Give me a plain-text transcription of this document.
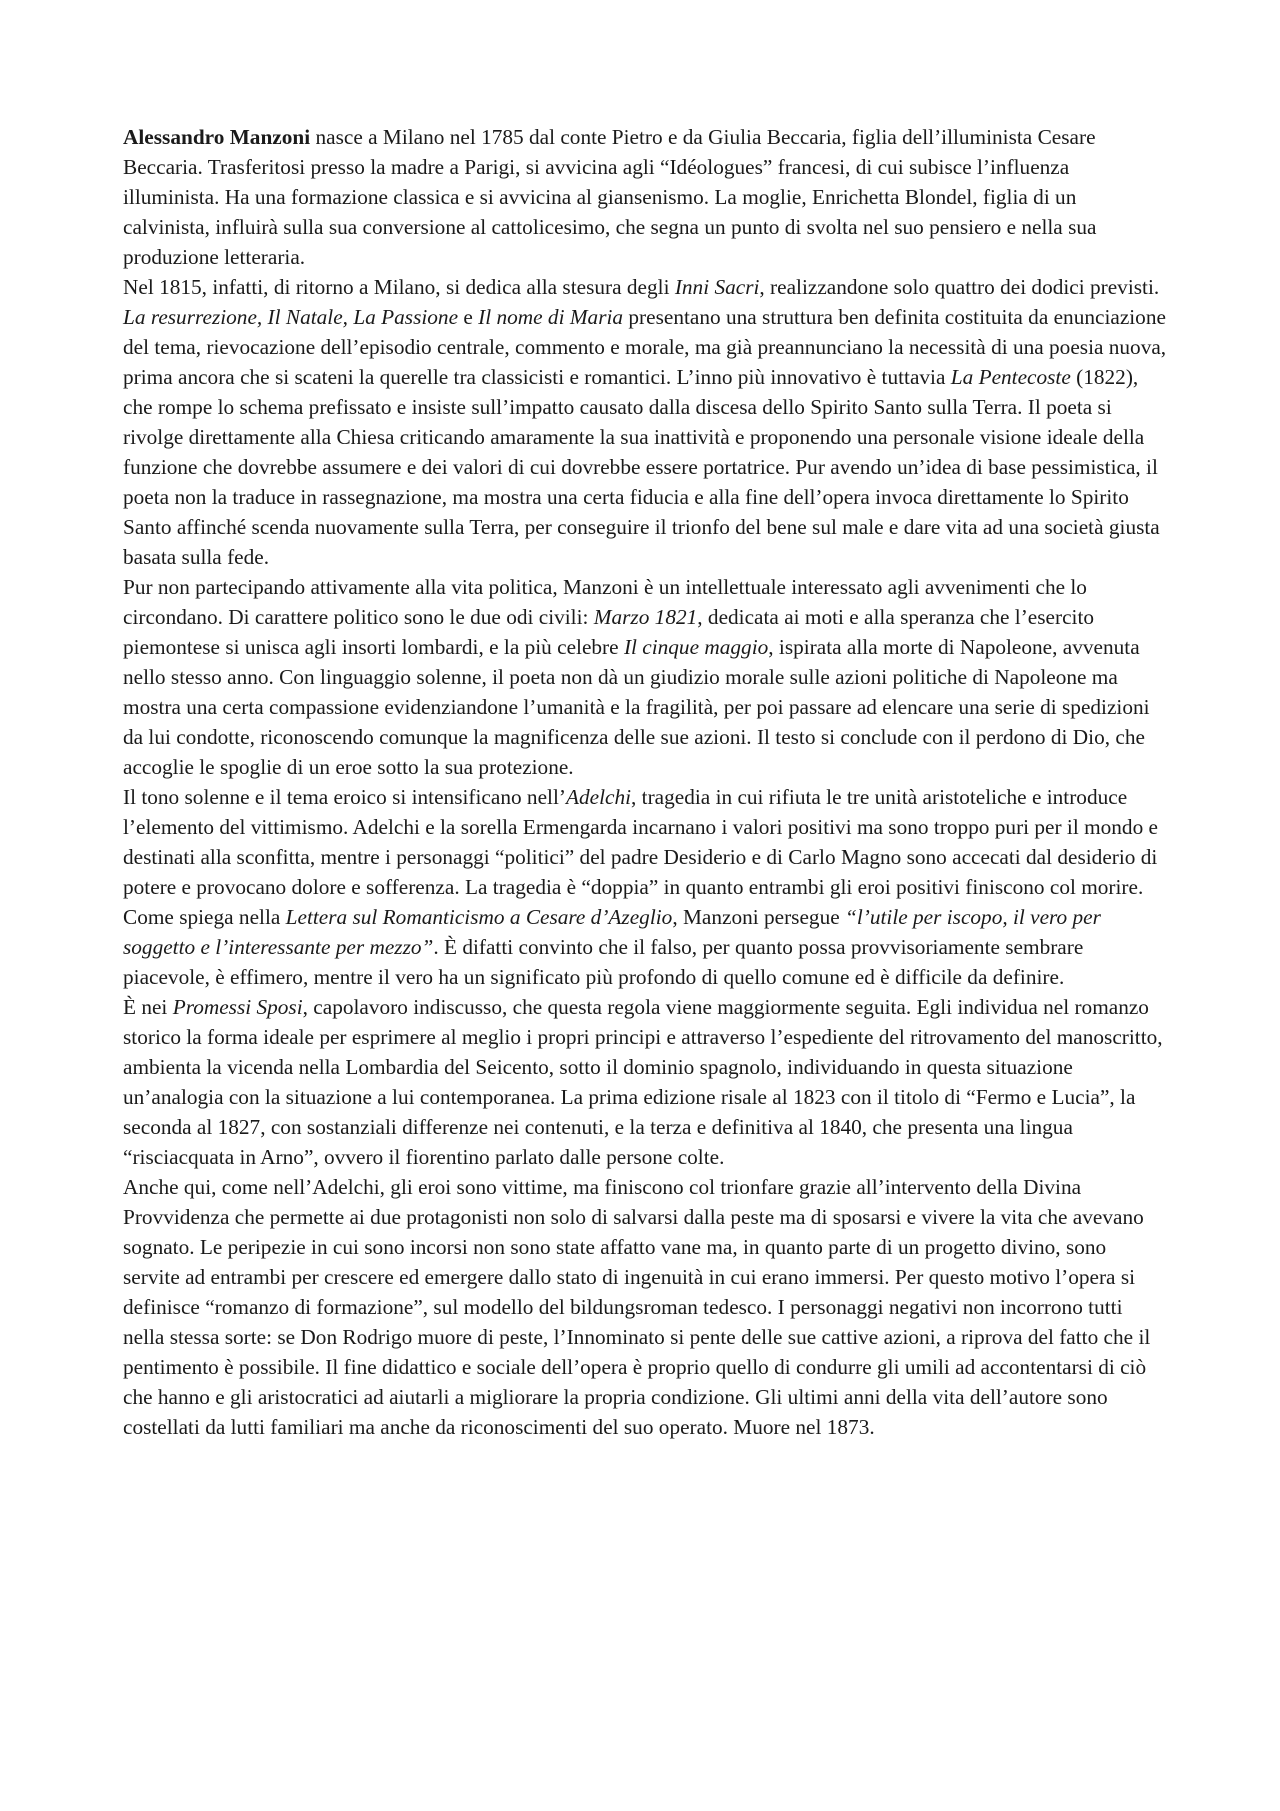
Alessandro Manzoni nasce a Milano nel 1785 dal conte Pietro e da Giulia Beccaria, figlia dell’illuminista Cesare Beccaria. Trasferitosi presso la madre a Parigi, si avvicina agli “Idéologues” francesi, di cui subisce l’influenza illuminista. Ha una formazione classica e si avvicina al giansenismo. La moglie, Enrichetta Blondel, figlia di un calvinista, influirà sulla sua conversione al cattolicesimo, che segna un punto di svolta nel suo pensiero e nella sua produzione letteraria.

Nel 1815, infatti, di ritorno a Milano, si dedica alla stesura degli Inni Sacri, realizzandone solo quattro dei dodici previsti. La resurrezione, Il Natale, La Passione e Il nome di Maria presentano una struttura ben definita costituita da enunciazione del tema, rievocazione dell’episodio centrale, commento e morale, ma già preannunciano la necessità di una poesia nuova, prima ancora che si scateni la querelle tra classicisti e romantici. L’inno più innovativo è tuttavia La Pentecoste (1822), che rompe lo schema prefissato e insiste sull’impatto causato dalla discesa dello Spirito Santo sulla Terra. Il poeta si rivolge direttamente alla Chiesa criticando amaramente la sua inattività e proponendo una personale visione ideale della funzione che dovrebbe assumere e dei valori di cui dovrebbe essere portatrice. Pur avendo un’idea di base pessimistica, il poeta non la traduce in rassegnazione, ma mostra una certa fiducia e alla fine dell’opera invoca direttamente lo Spirito Santo affinché scenda nuovamente sulla Terra, per conseguire il trionfo del bene sul male e dare vita ad una società giusta basata sulla fede.

Pur non partecipando attivamente alla vita politica, Manzoni è un intellettuale interessato agli avvenimenti che lo circondano. Di carattere politico sono le due odi civili: Marzo 1821, dedicata ai moti e alla speranza che l’esercito piemontese si unisca agli insorti lombardi, e la più celebre Il cinque maggio, ispirata alla morte di Napoleone, avvenuta nello stesso anno. Con linguaggio solenne, il poeta non dà un giudizio morale sulle azioni politiche di Napoleone ma mostra una certa compassione evidenziandone l’umanità e la fragilità, per poi passare ad elencare una serie di spedizioni da lui condotte, riconoscendo comunque la magnificenza delle sue azioni. Il testo si conclude con il perdono di Dio, che accoglie le spoglie di un eroe sotto la sua protezione.

Il tono solenne e il tema eroico si intensificano nell’Adelchi, tragedia in cui rifiuta le tre unità aristoteliche e introduce l’elemento del vittimismo. Adelchi e la sorella Ermengarda incarnano i valori positivi ma sono troppo puri per il mondo e destinati alla sconfitta, mentre i personaggi “politici” del padre Desiderio e di Carlo Magno sono accecati dal desiderio di potere e provocano dolore e sofferenza. La tragedia è “doppia” in quanto entrambi gli eroi positivi finiscono col morire.

Come spiega nella Lettera sul Romanticismo a Cesare d’Azeglio, Manzoni persegue “l’utile per iscopo, il vero per soggetto e l’interessante per mezzo”. È difatti convinto che il falso, per quanto possa provvisoriamente sembrare piacevole, è effimero, mentre il vero ha un significato più profondo di quello comune ed è difficile da definire.

È nei Promessi Sposi, capolavoro indiscusso, che questa regola viene maggiormente seguita. Egli individua nel romanzo storico la forma ideale per esprimere al meglio i propri principi e attraverso l’espediente del ritrovamento del manoscritto, ambienta la vicenda nella Lombardia del Seicento, sotto il dominio spagnolo, individuando in questa situazione un’analogia con la situazione a lui contemporanea. La prima edizione risale al 1823 con il titolo di “Fermo e Lucia”, la seconda al 1827, con sostanziali differenze nei contenuti, e la terza e definitiva al 1840, che presenta una lingua “risciacquata in Arno”, ovvero il fiorentino parlato dalle persone colte.

Anche qui, come nell’Adelchi, gli eroi sono vittime, ma finiscono col trionfare grazie all’intervento della Divina Provvidenza che permette ai due protagonisti non solo di salvarsi dalla peste ma di sposarsi e vivere la vita che avevano sognato. Le peripezie in cui sono incorsi non sono state affatto vane ma, in quanto parte di un progetto divino, sono servite ad entrambi per crescere ed emergere dallo stato di ingenuità in cui erano immersi. Per questo motivo l’opera si definisce “romanzo di formazione”, sul modello del bildungsroman tedesco. I personaggi negativi non incorrono tutti nella stessa sorte: se Don Rodrigo muore di peste, l’Innominato si pente delle sue cattive azioni, a riprova del fatto che il pentimento è possibile. Il fine didattico e sociale dell’opera è proprio quello di condurre gli umili ad accontentarsi di ciò che hanno e gli aristocratici ad aiutarli a migliorare la propria condizione. Gli ultimi anni della vita dell’autore sono costellati da lutti familiari ma anche da riconoscimenti del suo operato. Muore nel 1873.
